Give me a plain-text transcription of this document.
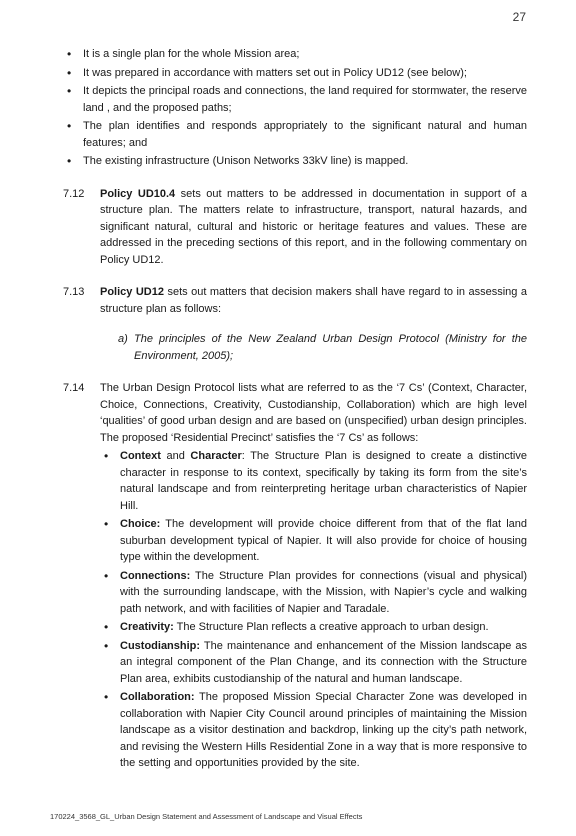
27
• It is a single plan for the whole Mission area;
• It was prepared in accordance with matters set out in Policy UD12 (see below);
• It depicts the principal roads and connections, the land required for stormwater, the reserve land , and the proposed paths;
• The plan identifies and responds appropriately to the significant natural and human features; and
• The existing infrastructure (Unison Networks 33kV line) is mapped.
7.12 Policy UD10.4 sets out matters to be addressed in documentation in support of a structure plan. The matters relate to infrastructure, transport, natural hazards, and significant natural, cultural and historic or heritage features and values. These are addressed in the preceding sections of this report, and in the following commentary on Policy UD12.

7.13 Policy UD12 sets out matters that decision makers shall have regard to in assessing a structure plan as follows:

a) The principles of the New Zealand Urban Design Protocol (Ministry for the Environment, 2005);
7.14 The Urban Design Protocol lists what are referred to as the ‘7 Cs’ (Context, Character, Choice, Connections, Creativity, Custodianship, Collaboration) which are high level ‘qualities’ of good urban design and are based on (unspecified) urban design principles. The proposed ‘Residential Precinct’ satisfies the ‘7 Cs’ as follows:

• Context and Character: The Structure Plan is designed to create a distinctive character in response to its context, specifically by taking its form from the site’s natural landscape and from reinterpreting heritage urban characteristics of Napier Hill.
• Choice: The development will provide choice different from that of the flat land suburban development typical of Napier. It will also provide for choice of housing type within the development.
• Connections: The Structure Plan provides for connections (visual and physical) with the surrounding landscape, with the Mission, with Napier’s cycle and walking path network, and with facilities of Napier and Taradale.
• Creativity: The Structure Plan reflects a creative approach to urban design.
• Custodianship: The maintenance and enhancement of the Mission landscape as an integral component of the Plan Change, and its connection with the Structure Plan area, exhibits custodianship of the natural and human landscape.
• Collaboration: The proposed Mission Special Character Zone was developed in collaboration with Napier City Council around principles of maintaining the Mission landscape as a visitor destination and backdrop, linking up the city’s path network, and revising the Western Hills Residential Zone in a way that is more responsive to the setting and opportunities provided by the site.
170224_3568_GL_Urban Design Statement and Assessment of Landscape and Visual Effects
